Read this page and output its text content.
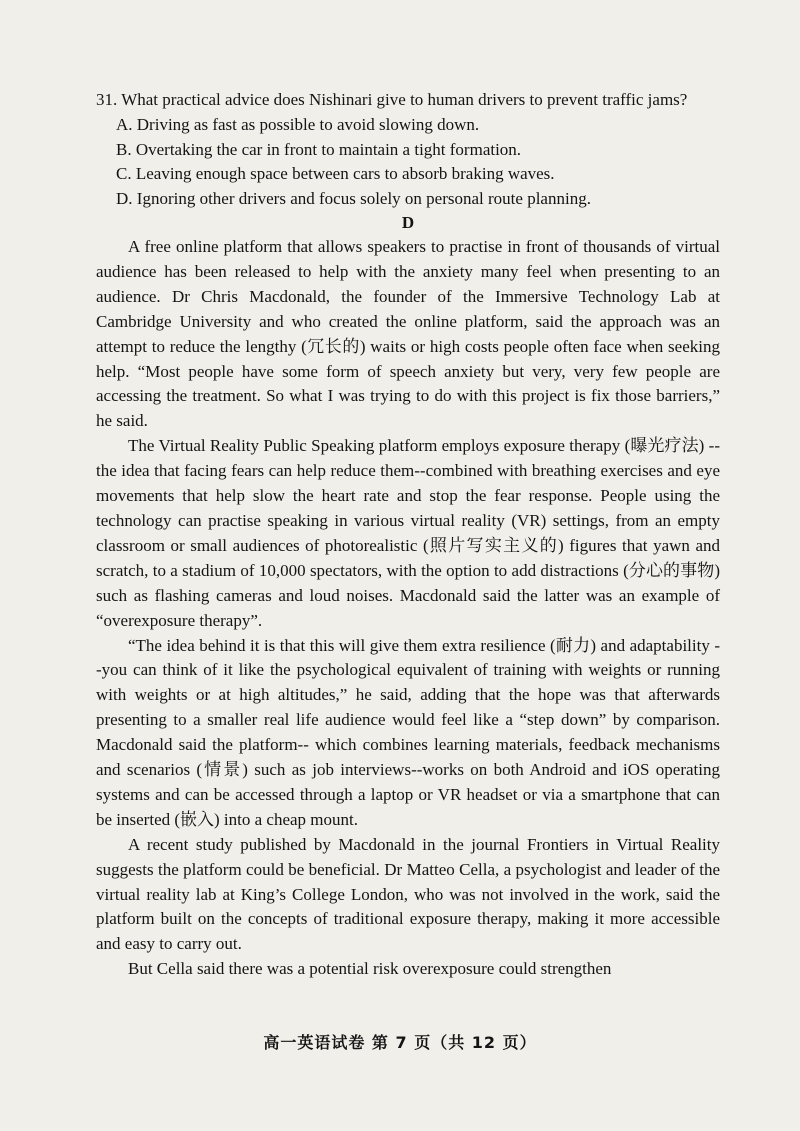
31. What practical advice does Nishinari give to human drivers to prevent traffic jams?

A. Driving as fast as possible to avoid slowing down.
B. Overtaking the car in front to maintain a tight formation.
C. Leaving enough space between cars to absorb braking waves.
D. Ignoring other drivers and focus solely on personal route planning.

D

A free online platform that allows speakers to practise in front of thousands of virtual audience has been released to help with the anxiety many feel when presenting to an audience. Dr Chris Macdonald, the founder of the Immersive Technology Lab at Cambridge University and who created the online platform, said the approach was an attempt to reduce the lengthy (冗长的) waits or high costs people often face when seeking help. “Most people have some form of speech anxiety but very, very few people are accessing the treatment. So what I was trying to do with this project is fix those barriers,” he said.

The Virtual Reality Public Speaking platform employs exposure therapy (曝光疗法) --the idea that facing fears can help reduce them--combined with breathing exercises and eye movements that help slow the heart rate and stop the fear response. People using the technology can practise speaking in various virtual reality (VR) settings, from an empty classroom or small audiences of photorealistic (照片写实主义的) figures that yawn and scratch, to a stadium of 10,000 spectators, with the option to add distractions (分心的事物) such as flashing cameras and loud noises. Macdonald said the latter was an example of “overexposure therapy”.

“The idea behind it is that this will give them extra resilience (耐力) and adaptability --you can think of it like the psychological equivalent of training with weights or running with weights or at high altitudes,” he said, adding that the hope was that afterwards presenting to a smaller real life audience would feel like a “step down” by comparison. Macdonald said the platform-- which combines learning materials, feedback mechanisms and scenarios (情景) such as job interviews--works on both Android and iOS operating systems and can be accessed through a laptop or VR headset or via a smartphone that can be inserted (嵌入) into a cheap mount.

A recent study published by Macdonald in the journal Frontiers in Virtual Reality suggests the platform could be beneficial. Dr Matteo Cella, a psychologist and leader of the virtual reality lab at King’s College London, who was not involved in the work, said the platform built on the concepts of traditional exposure therapy, making it more accessible and easy to carry out.

But Cella said there was a potential risk overexposure could strengthen

高一英语试卷 第 7 页（共 12 页）
